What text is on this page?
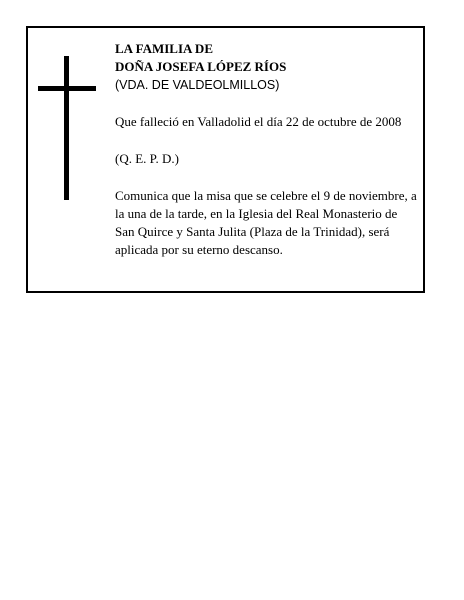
LA FAMILIA DE
DOÑA JOSEFA LÓPEZ RÍOS
(VDA. DE VALDEOLMILLOS)

Que falleció en Valladolid el día 22 de octubre de 2008

(Q. E. P. D.)

Comunica que la misa que se celebre el 9 de noviembre, a la una de la tarde, en la Iglesia del Real Monasterio de San Quirce y Santa Julita (Plaza de la Trinidad), será aplicada por su eterno descanso.
